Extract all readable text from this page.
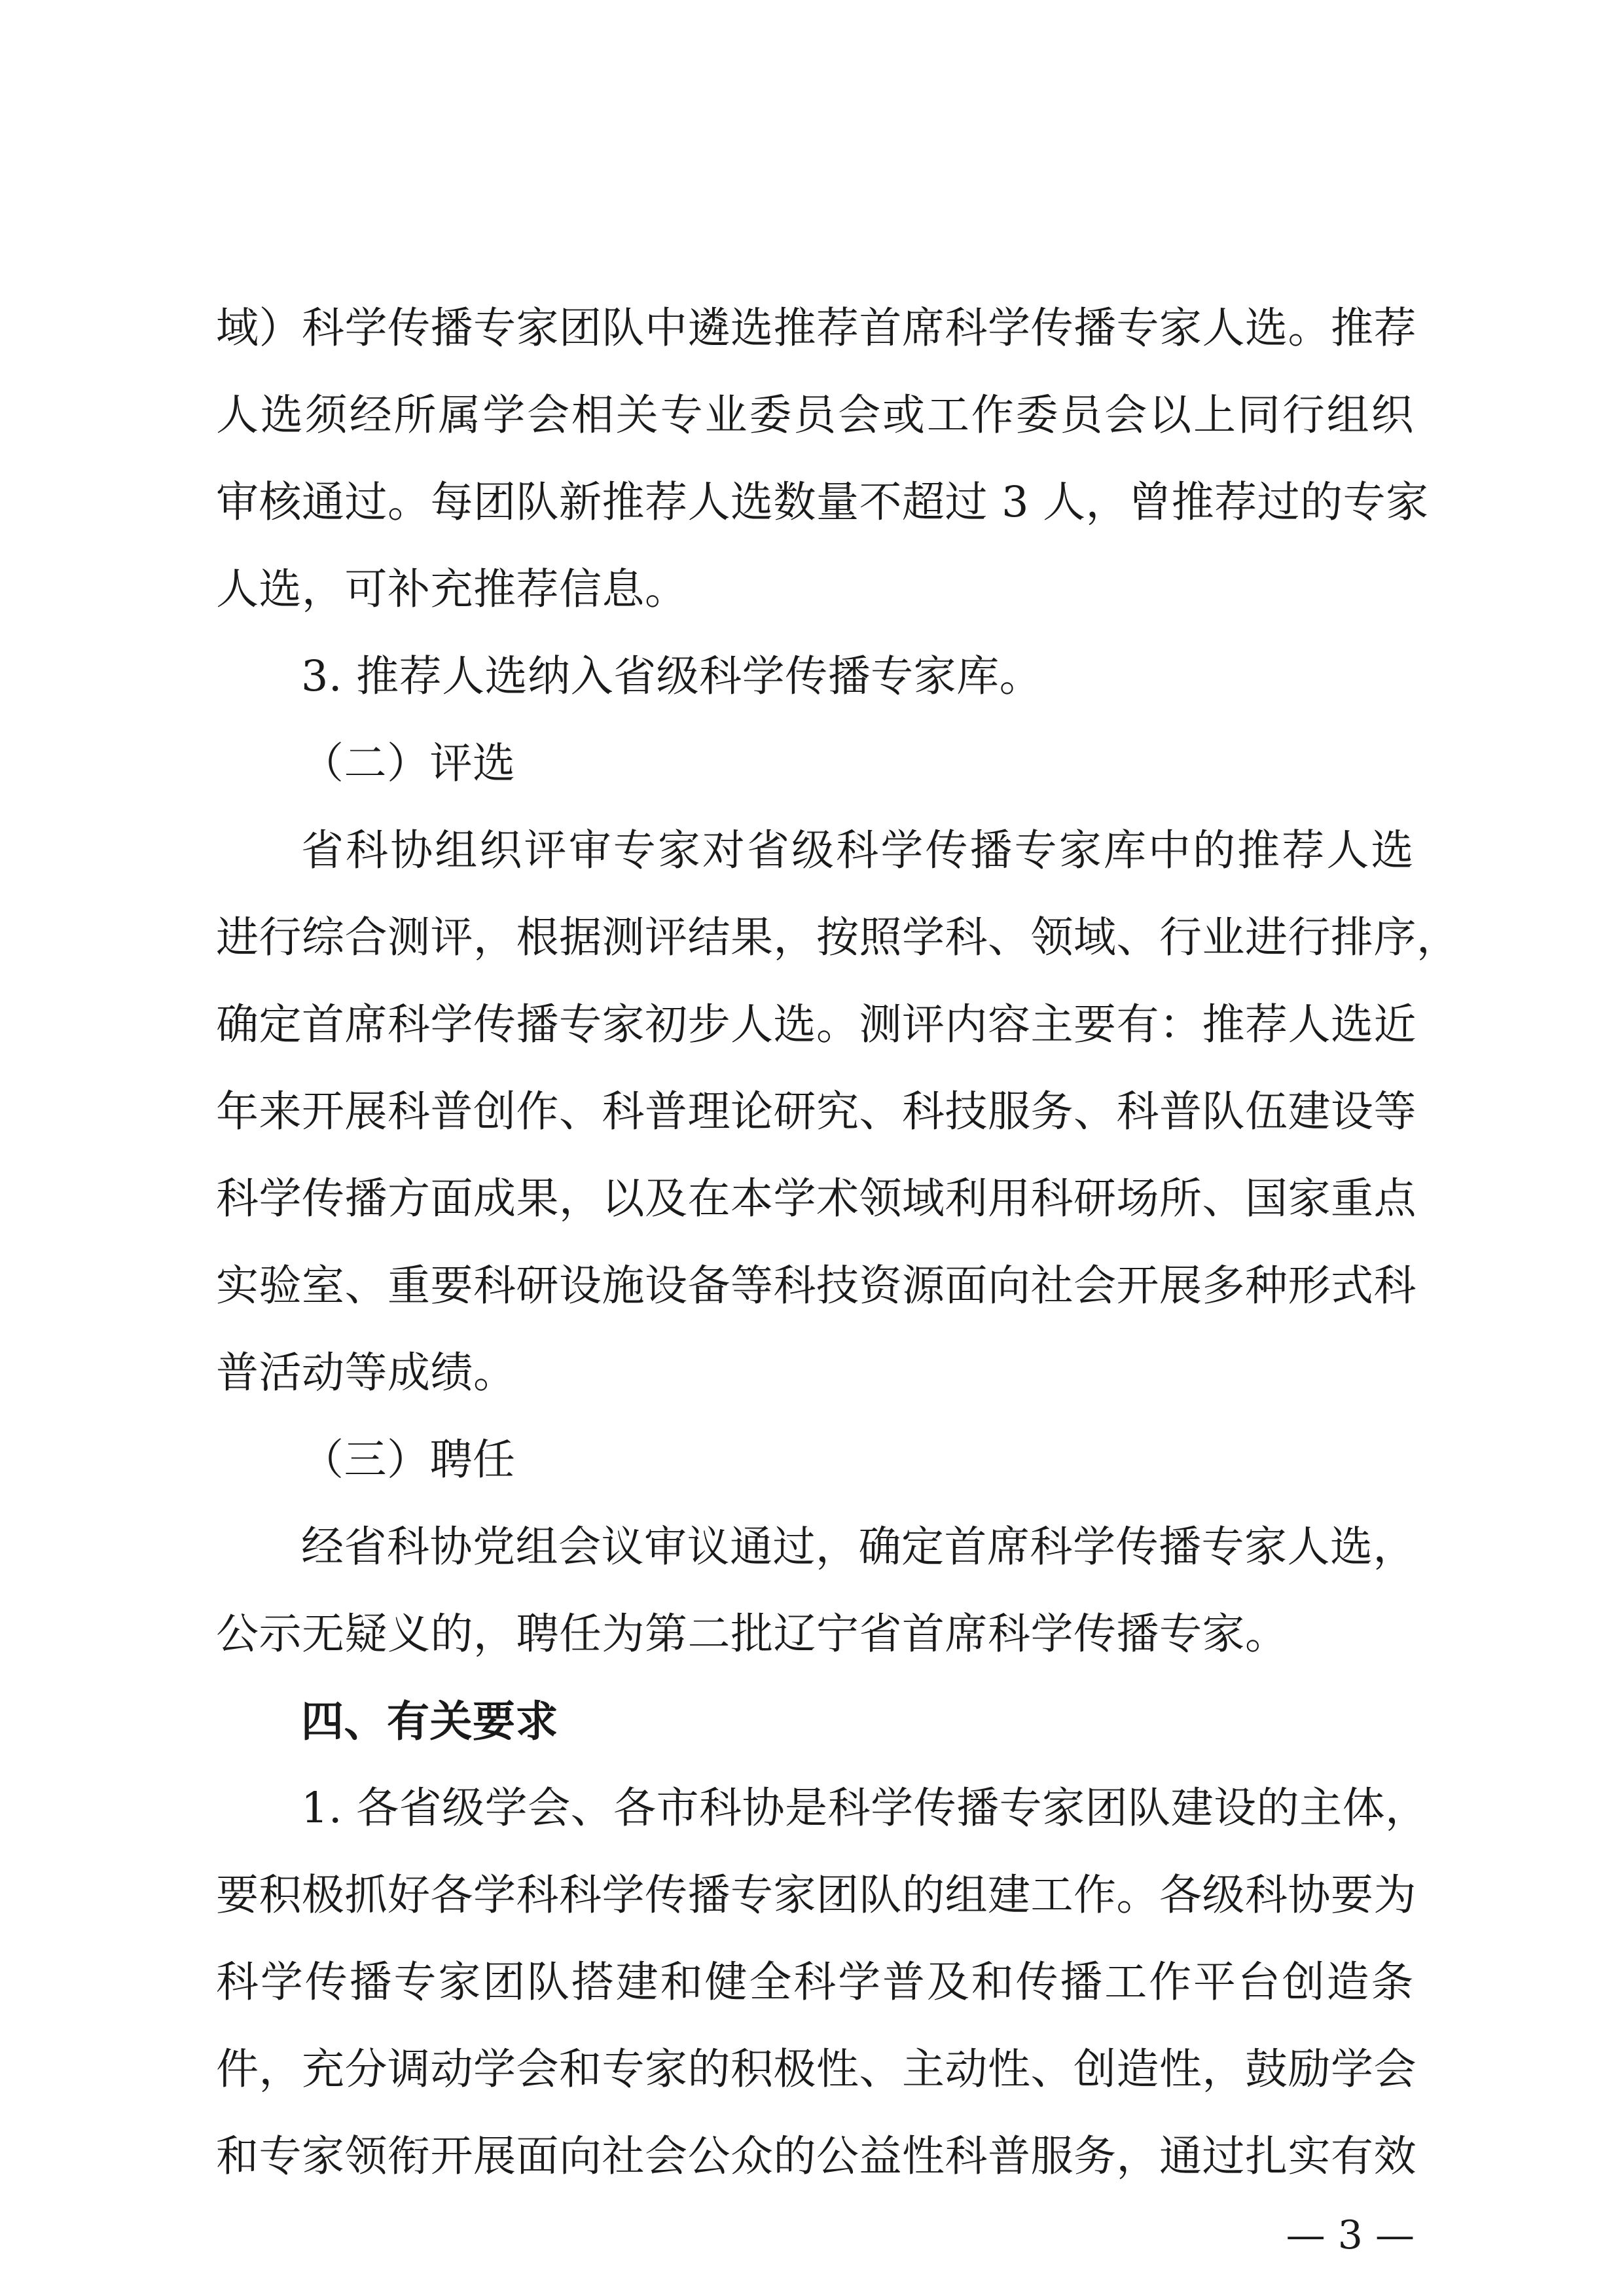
域）科学传播专家团队中遴选推荐首席科学传播专家人选。推荐
人选须经所属学会相关专业委员会或工作委员会以上同行组织
审核通过。每团队新推荐人选数量不超过 3 人，曾推荐过的专家
人选，可补充推荐信息。
3. 推荐人选纳入省级科学传播专家库。
（二）评选
省科协组织评审专家对省级科学传播专家库中的推荐人选
进行综合测评，根据测评结果，按照学科、领域、行业进行排序，
确定首席科学传播专家初步人选。测评内容主要有：推荐人选近
年来开展科普创作、科普理论研究、科技服务、科普队伍建设等
科学传播方面成果，以及在本学术领域利用科研场所、国家重点
实验室、重要科研设施设备等科技资源面向社会开展多种形式科
普活动等成绩。
（三）聘任
经省科协党组会议审议通过，确定首席科学传播专家人选，
公示无疑义的，聘任为第二批辽宁省首席科学传播专家。
四、有关要求
1. 各省级学会、各市科协是科学传播专家团队建设的主体，
要积极抓好各学科科学传播专家团队的组建工作。各级科协要为
科学传播专家团队搭建和健全科学普及和传播工作平台创造条
件，充分调动学会和专家的积极性、主动性、创造性，鼓励学会
和专家领衔开展面向社会公众的公益性科普服务，通过扎实有效
— 3 —
